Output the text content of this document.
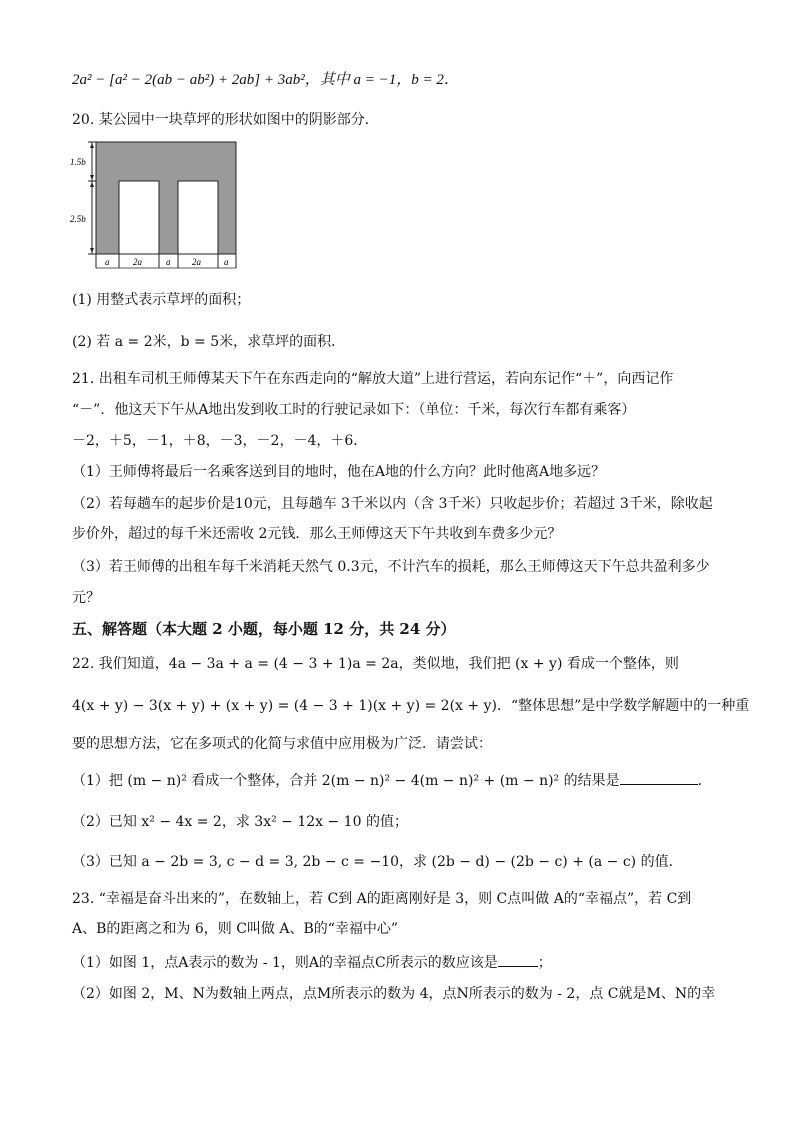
2a² − [a² − 2(ab − ab²) + 2ab] + 3ab²，其中 a = −1，b = 2．
20. 某公园中一块草坪的形状如图中的阴影部分．
1.5b
2.5b
a	2a	a 2a	a
(1) 用整式表示草坪的面积；
(2) 若 a = 2米，b = 5米，求草坪的面积．
21. 出租车司机王师傅某天下午在东西走向的“解放大道”上进行营运，若向东记作“＋”，向西记作
“－”．他这天下午从A地出发到收工时的行驶记录如下：（单位：千米，每次行车都有乘客）
－2，＋5，－1，＋8，－3，－2，－4，＋6．
（1）王师傅将最后一名乘客送到目的地时，他在A地的什么方向？此时他离A地多远？
（2）若每趟车的起步价是10元，且每趟车 3千米以内（含 3千米）只收起步价；若超过 3千米，除收起
步价外，超过的每千米还需收 2元钱．那么王师傅这天下午共收到车费多少元？
（3）若王师傅的出租车每千米消耗天然气 0.3元，不计汽车的损耗，那么王师傅这天下午总共盈利多少
元？
五、解答题（本大题 2 小题，每小题 12 分，共 24 分）
22. 我们知道，4a − 3a + a = (4 − 3 + 1)a = 2a，类似地，我们把 (x + y) 看成一个整体，则
4(x + y) − 3(x + y) + (x + y) = (4 − 3 + 1)(x + y) = 2(x + y)．“整体思想”是中学数学解题中的一种重
要的思想方法，它在多项式的化简与求值中应用极为广泛．请尝试：
（1）把 (m − n)² 看成一个整体，合并 2(m − n)² − 4(m − n)² + (m − n)² 的结果是	．
（2）已知 x² − 4x = 2，求 3x² − 12x − 10 的值；
（3）已知 a − 2b = 3, c − d = 3, 2b − c = −10，求 (2b − d) − (2b − c) + (a − c) 的值．
23. “幸福是奋斗出来的”，在数轴上，若 C到 A的距离刚好是 3，则 C点叫做 A的“幸福点”，若 C到
A、B的距离之和为 6，则 C叫做 A、B的“幸福中心”
（1）如图 1，点A表示的数为 - 1，则A的幸福点C所表示的数应该是	；
（2）如图 2，M、N为数轴上两点，点M所表示的数为 4，点N所表示的数为 - 2，点 C就是M、N的幸
